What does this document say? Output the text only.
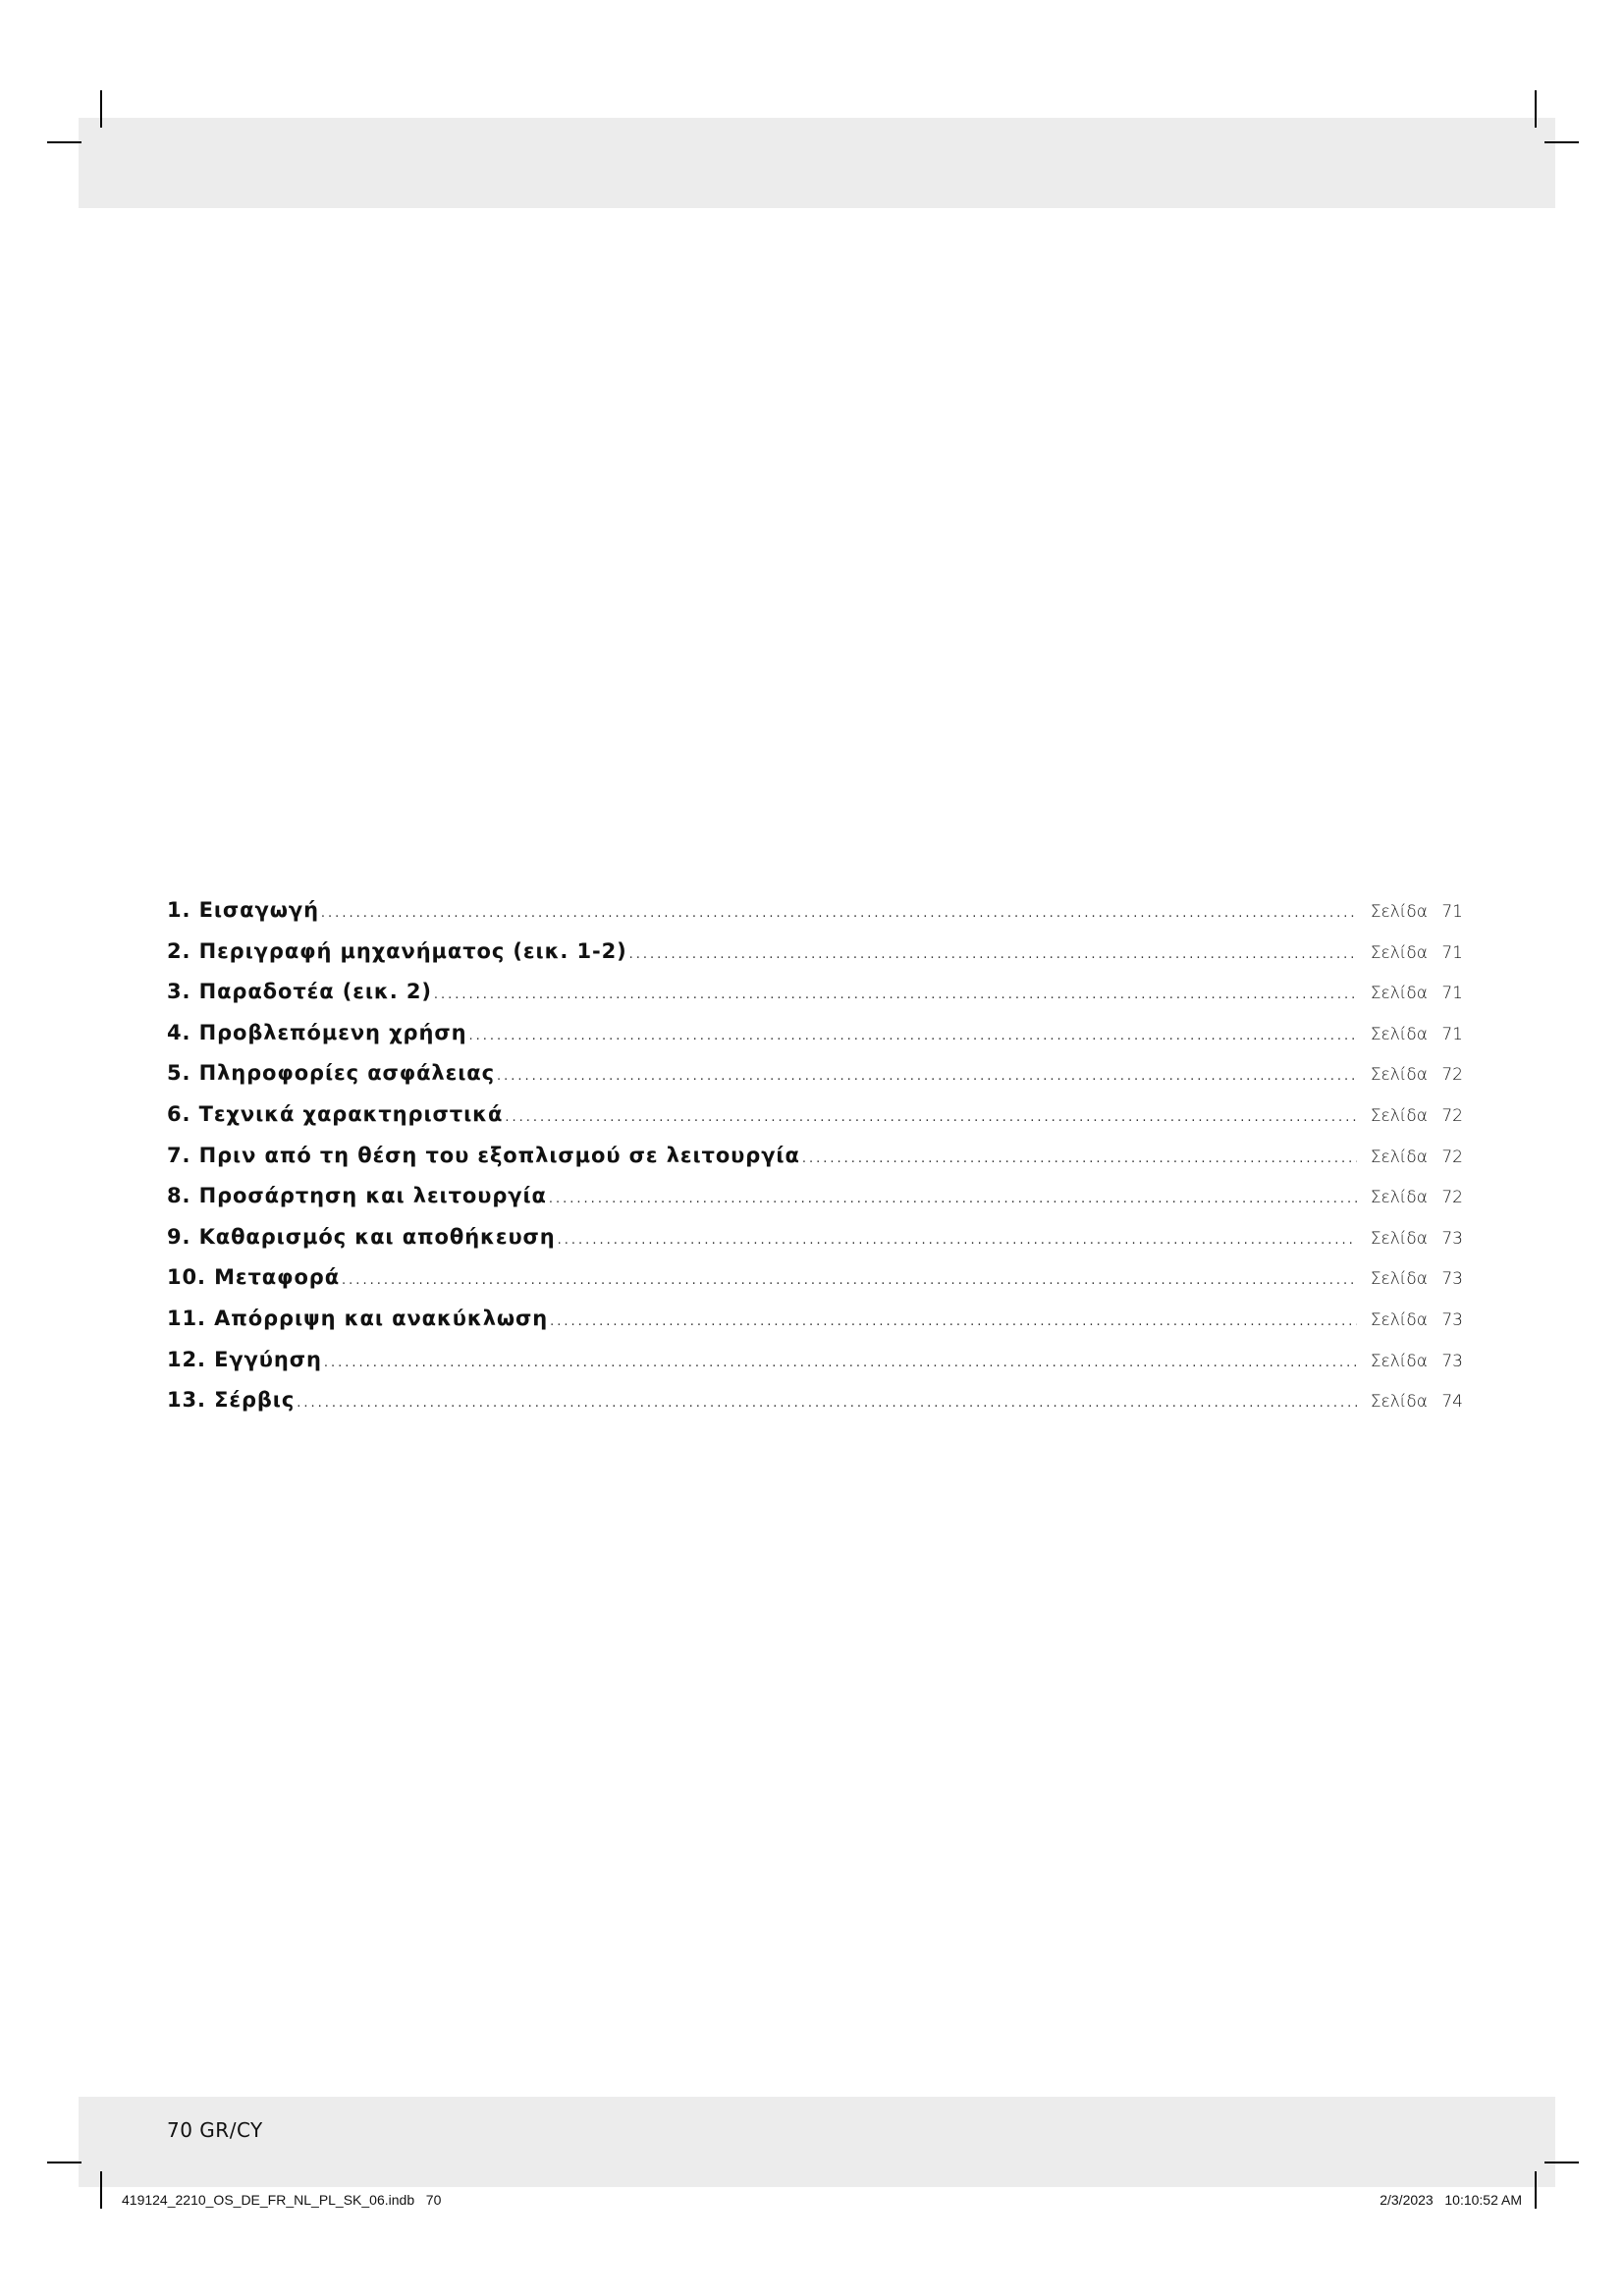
1. Εισαγωγή .....	Σελίδα 71
2. Περιγραφή μηχανήματος (εικ. 1-2) .....	Σελίδα 71
3. Παραδοτέα (εικ. 2) .....	Σελίδα 71
4. Προβλεπόμενη χρήση .....	Σελίδα 71
5. Πληροφορίες ασφάλειας .....	Σελίδα 72
6. Τεχνικά χαρακτηριστικά .....	Σελίδα 72
7. Πριν από τη θέση του εξοπλισμού σε λειτουργία .....	Σελίδα 72
8. Προσάρτηση και λειτουργία .....	Σελίδα 72
9. Καθαρισμός και αποθήκευση .....	Σελίδα 73
10. Μεταφορά .....	Σελίδα 73
11. Απόρριψη και ανακύκλωση .....	Σελίδα 73
12. Εγγύηση .....	Σελίδα 73
13. Σέρβις .....	Σελίδα 74
70 GR/CY
419124_2210_OS_DE_FR_NL_PL_SK_06.indb   70	2/3/2023   10:10:52 AM
